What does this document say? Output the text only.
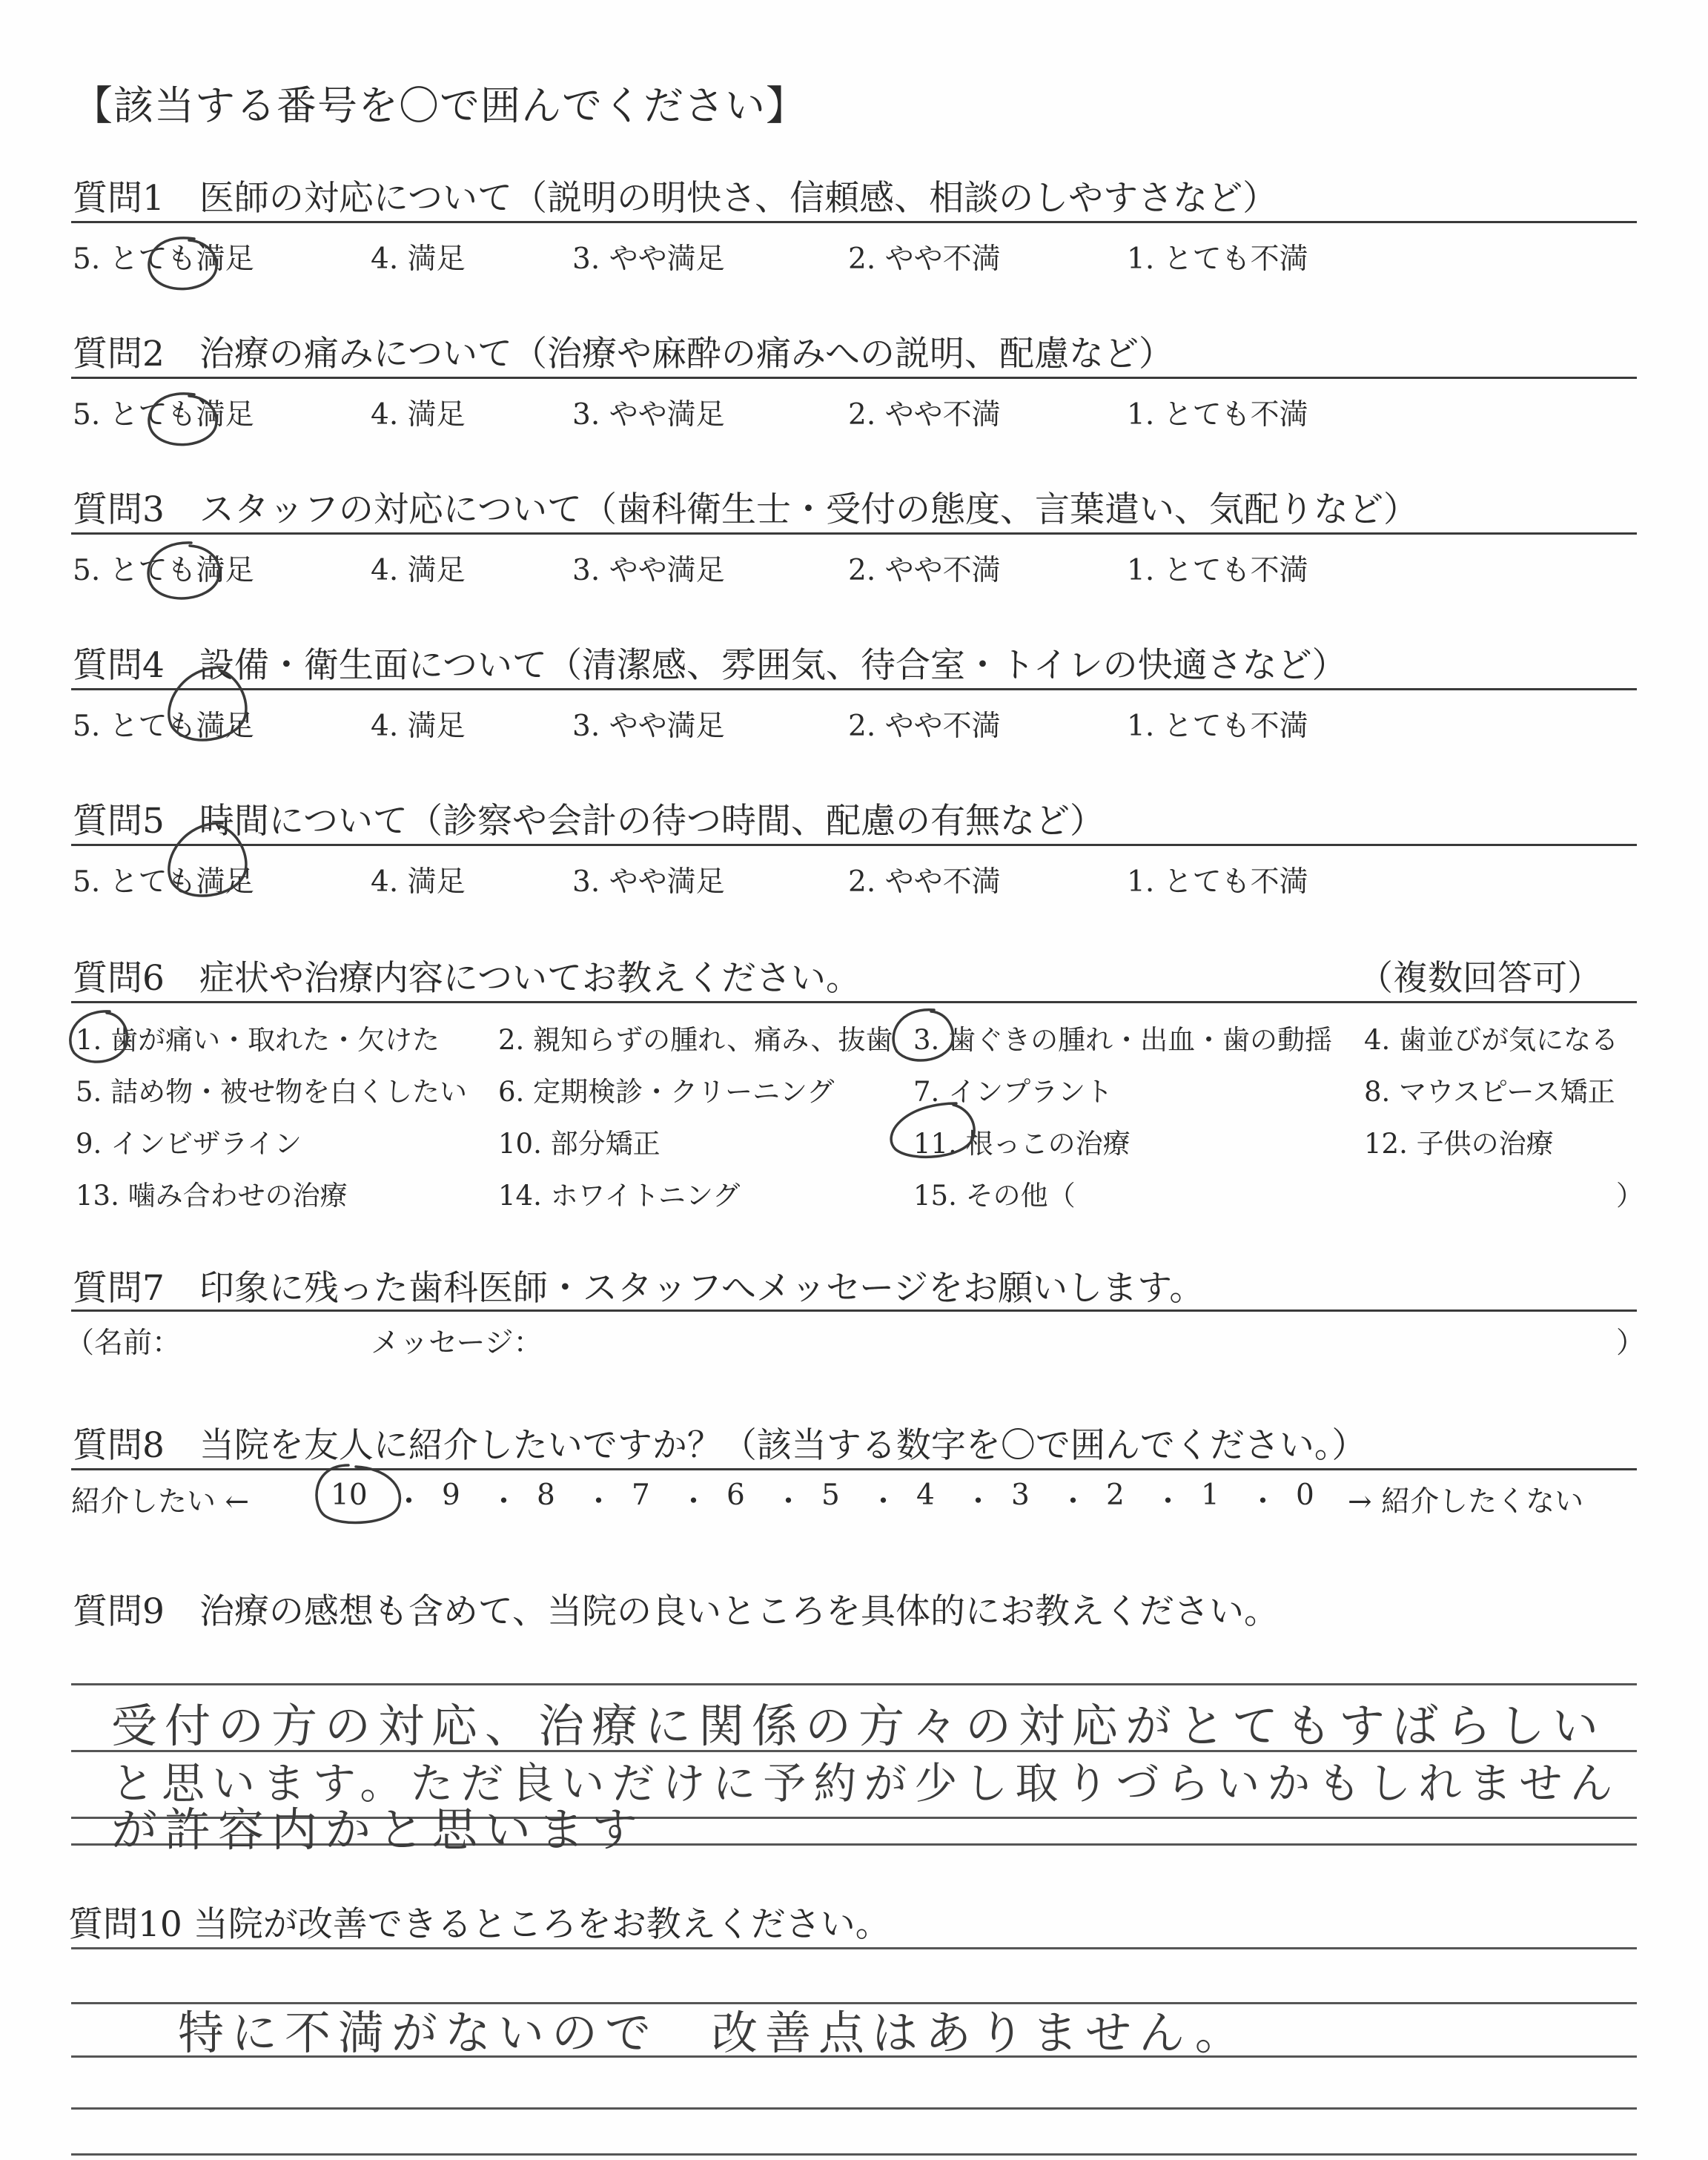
【該当する番号を〇で囲んでください】
質問1　医師の対応について（説明の明快さ、信頼感、相談のしやすさなど）
5. とても満足	4. 満足	3. やや満足	2. やや不満	1. とても不満
質問2　治療の痛みについて（治療や麻酔の痛みへの説明、配慮など）
5. とても満足	4. 満足	3. やや満足	2. やや不満	1. とても不満
質問3　スタッフの対応について（歯科衛生士・受付の態度、言葉遣い、気配りなど）
5. とても満足	4. 満足	3. やや満足	2. やや不満	1. とても不満
質問4　設備・衛生面について（清潔感、雰囲気、待合室・トイレの快適さなど）
5. とても満足	4. 満足	3. やや満足	2. やや不満	1. とても不満
質問5　時間について（診察や会計の待つ時間、配慮の有無など）
5. とても満足	4. 満足	3. やや満足	2. やや不満	1. とても不満
質問6　症状や治療内容についてお教えください。	（複数回答可）
1. 歯が痛い・取れた・欠けた 2. 親知らずの腫れ、痛み、抜歯 3. 歯ぐきの腫れ・出血・歯の動揺 4. 歯並びが気になる
5. 詰め物・被せ物を白くしたい 6. 定期検診・クリーニング	7. インプラント	8. マウスピース矯正
9. インビザライン	10. 部分矯正	11. 根っこの治療	12. 子供の治療
13. 噛み合わせの治療	14. ホワイトニング	15. その他（	）
質問7　印象に残った歯科医師・スタッフへメッセージをお願いします。
（名前：	メッセージ：	）
質問8　当院を友人に紹介したいですか？（該当する数字を〇で囲んでください。）
紹介したい ←	10 ・ 9 ・ 8 ・ 7 ・ 6 ・ 5 ・ 4 ・ 3 ・ 2 ・ 1 ・ 0 → 紹介したくない
質問9　治療の感想も含めて、当院の良いところを具体的にお教えください。
受付の方の対応、治療に関係の方々の対応がとてもすばらしい
と思います。ただ良いだけに予約が少し取りづらいかもしれません
が許容内かと思います
質問10 当院が改善できるところをお教えください。
特に不満がないので　改善点はありません。
